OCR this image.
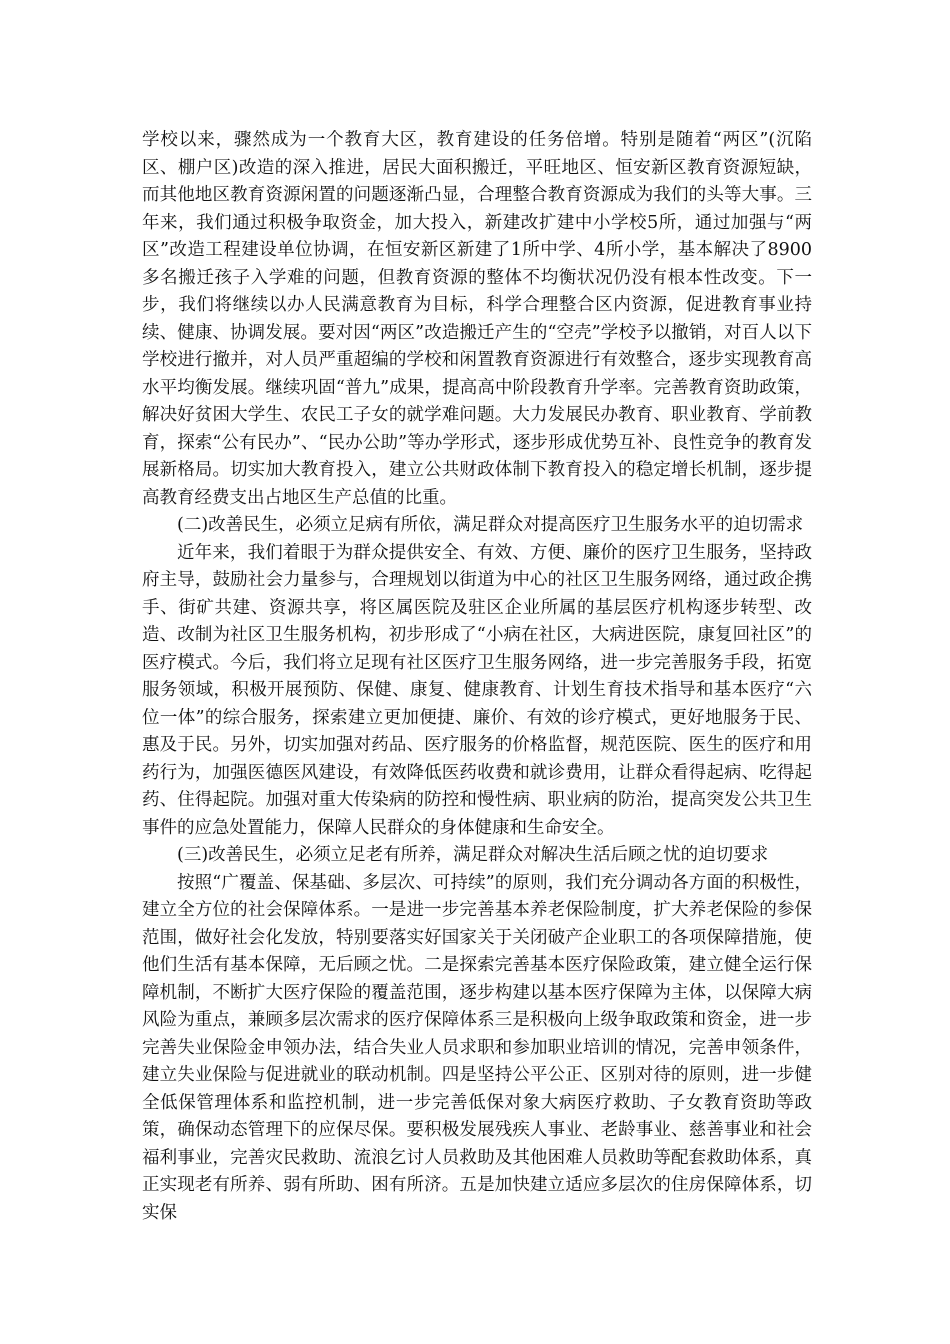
学校以来，骤然成为一个教育大区，教育建设的任务倍增。特别是随着“两区”(沉陷区、棚户区)改造的深入推进，居民大面积搬迁，平旺地区、恒安新区教育资源短缺，而其他地区教育资源闲置的问题逐渐凸显，合理整合教育资源成为我们的头等大事。三年来，我们通过积极争取资金，加大投入，新建改扩建中小学校5所，通过加强与“两区”改造工程建设单位协调，在恒安新区新建了1所中学、4所小学，基本解决了8900多名搬迁孩子入学难的问题，但教育资源的整体不均衡状况仍没有根本性改变。下一步，我们将继续以办人民满意教育为目标，科学合理整合区内资源，促进教育事业持续、健康、协调发展。要对因“两区”改造搬迁产生的“空壳”学校予以撤销，对百人以下学校进行撤并，对人员严重超编的学校和闲置教育资源进行有效整合，逐步实现教育高水平均衡发展。继续巩固“普九”成果，提高高中阶段教育升学率。完善教育资助政策，解决好贫困大学生、农民工子女的就学难问题。大力发展民办教育、职业教育、学前教育，探索“公有民办”、“民办公助”等办学形式，逐步形成优势互补、良性竞争的教育发展新格局。切实加大教育投入，建立公共财政体制下教育投入的稳定增长机制，逐步提高教育经费支出占地区生产总值的比重。

(二)改善民生，必须立足病有所依，满足群众对提高医疗卫生服务水平的迫切需求

近年来，我们着眼于为群众提供安全、有效、方便、廉价的医疗卫生服务，坚持政府主导，鼓励社会力量参与，合理规划以街道为中心的社区卫生服务网络，通过政企携手、街矿共建、资源共享，将区属医院及驻区企业所属的基层医疗机构逐步转型、改造、改制为社区卫生服务机构，初步形成了“小病在社区，大病进医院，康复回社区”的医疗模式。今后，我们将立足现有社区医疗卫生服务网络，进一步完善服务手段，拓宽服务领域，积极开展预防、保健、康复、健康教育、计划生育技术指导和基本医疗“六位一体”的综合服务，探索建立更加便捷、廉价、有效的诊疗模式，更好地服务于民、惠及于民。另外，切实加强对药品、医疗服务的价格监督，规范医院、医生的医疗和用药行为，加强医德医风建设，有效降低医药收费和就诊费用，让群众看得起病、吃得起药、住得起院。加强对重大传染病的防控和慢性病、职业病的防治，提高突发公共卫生事件的应急处置能力，保障人民群众的身体健康和生命安全。

(三)改善民生，必须立足老有所养，满足群众对解决生活后顾之忧的迫切要求

按照“广覆盖、保基础、多层次、可持续”的原则，我们充分调动各方面的积极性，建立全方位的社会保障体系。一是进一步完善基本养老保险制度，扩大养老保险的参保范围，做好社会化发放，特别要落实好国家关于关闭破产企业职工的各项保障措施，使他们生活有基本保障，无后顾之忧。二是探索完善基本医疗保险政策，建立健全运行保障机制，不断扩大医疗保险的覆盖范围，逐步构建以基本医疗保障为主体，以保障大病风险为重点，兼顾多层次需求的医疗保障体系三是积极向上级争取政策和资金，进一步完善失业保险金申领办法，结合失业人员求职和参加职业培训的情况，完善申领条件，建立失业保险与促进就业的联动机制。四是坚持公平公正、区别对待的原则，进一步健全低保管理体系和监控机制，进一步完善低保对象大病医疗救助、子女教育资助等政策，确保动态管理下的应保尽保。要积极发展残疾人事业、老龄事业、慈善事业和社会福利事业，完善灾民救助、流浪乞讨人员救助及其他困难人员救助等配套救助体系，真正实现老有所养、弱有所助、困有所济。五是加快建立适应多层次的住房保障体系，切实保
